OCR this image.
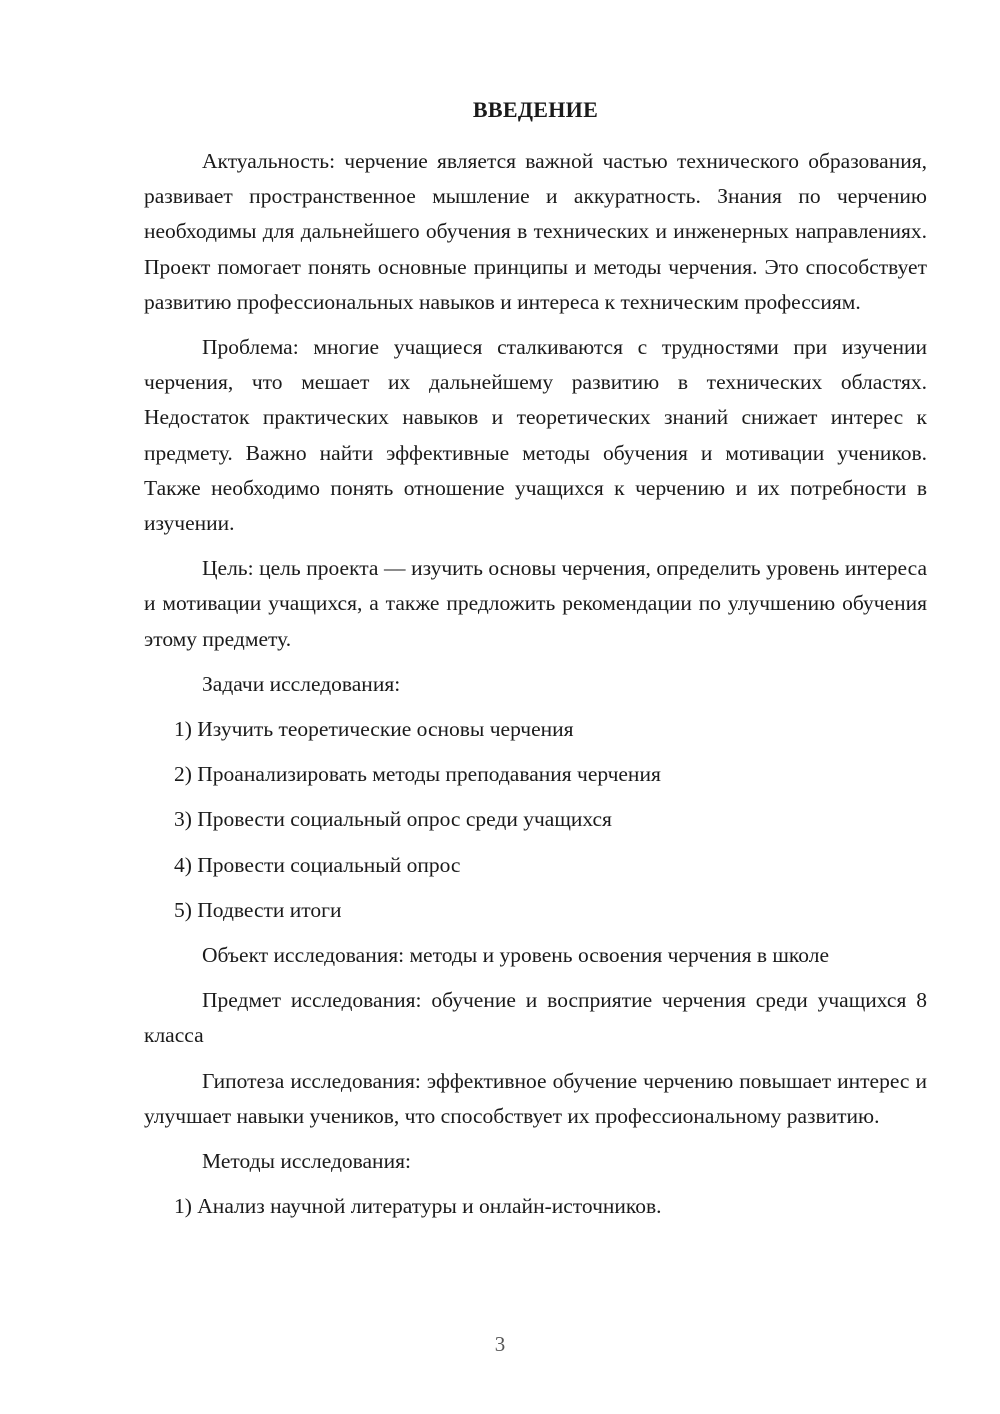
ВВЕДЕНИЕ

Актуальность: черчение является важной частью технического образования, развивает пространственное мышление и аккуратность. Знания по черчению необходимы для дальнейшего обучения в технических и инженерных направлениях. Проект помогает понять основные принципы и методы черчения. Это способствует развитию профессиональных навыков и интереса к техническим профессиям.

Проблема: многие учащиеся сталкиваются с трудностями при изучении черчения, что мешает их дальнейшему развитию в технических областях. Недостаток практических навыков и теоретических знаний снижает интерес к предмету. Важно найти эффективные методы обучения и мотивации учеников. Также необходимо понять отношение учащихся к черчению и их потребности в изучении.

Цель: цель проекта — изучить основы черчения, определить уровень интереса и мотивации учащихся, а также предложить рекомендации по улучшению обучения этому предмету.

Задачи исследования:

1) Изучить теоретические основы черчения

2) Проанализировать методы преподавания черчения

3) Провести социальный опрос среди учащихся

4) Провести социальный опрос

5) Подвести итоги

Объект исследования: методы и уровень освоения черчения в школе

Предмет исследования: обучение и восприятие черчения среди учащихся 8 класса

Гипотеза исследования: эффективное обучение черчению повышает интерес и улучшает навыки учеников, что способствует их профессиональному развитию.

Методы исследования:

1) Анализ научной литературы и онлайн-источников.

3
